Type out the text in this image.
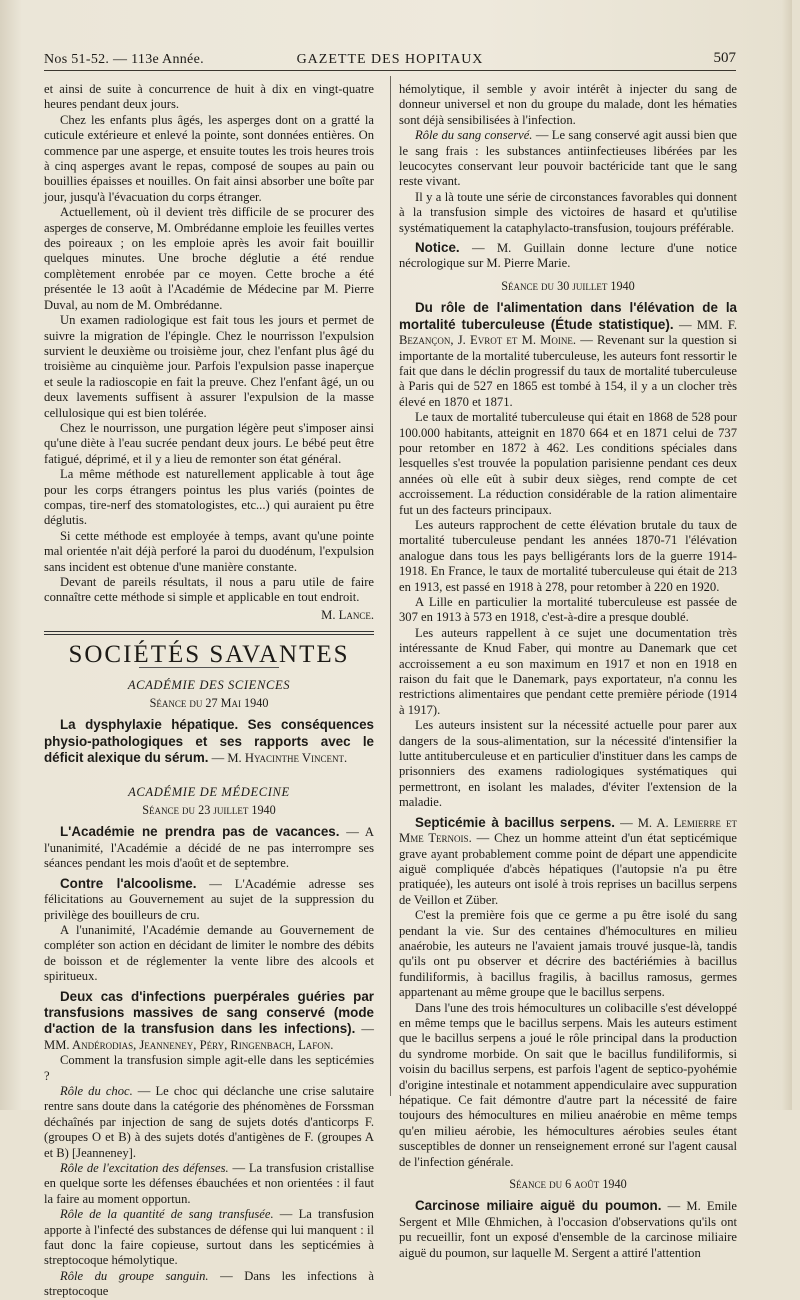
Nos 51-52. — 113e Année.	GAZETTE DES HOPITAUX	507

et ainsi de suite à concurrence de huit à dix en vingt-quatre heures pendant deux jours.

Chez les enfants plus âgés, les asperges dont on a gratté la cuticule extérieure et enlevé la pointe, sont données entières. On commence par une asperge, et ensuite toutes les trois heures trois à cinq asperges avant le repas, composé de soupes au pain ou bouillies épaisses et nouilles. On fait ainsi absorber une boîte par jour, jusqu'à l'évacuation du corps étranger.

Actuellement, où il devient très difficile de se procurer des asperges de conserve, M. Ombrédanne emploie les feuilles vertes des poireaux ; on les emploie après les avoir fait bouillir quelques minutes. Une broche déglutie a été rendue complètement enrobée par ce moyen. Cette broche a été présentée le 13 août à l'Académie de Médecine par M. Pierre Duval, au nom de M. Ombrédanne.

Un examen radiologique est fait tous les jours et permet de suivre la migration de l'épingle. Chez le nourrisson l'expulsion survient le deuxième ou troisième jour, chez l'enfant plus âgé du troisième au cinquième jour. Parfois l'expulsion passe inaperçue et seule la radioscopie en fait la preuve. Chez l'enfant âgé, un ou deux lavements suffisent à assurer l'expulsion de la masse cellulosique qui est bien tolérée.

Chez le nourrisson, une purgation légère peut s'imposer ainsi qu'une diète à l'eau sucrée pendant deux jours. Le bébé peut être fatigué, déprimé, et il y a lieu de remonter son état général.

La même méthode est naturellement applicable à tout âge pour les corps étrangers pointus les plus variés (pointes de compas, tire-nerf des stomatologistes, etc...) qui auraient pu être déglutis.

Si cette méthode est employée à temps, avant qu'une pointe mal orientée n'ait déjà perforé la paroi du duodénum, l'expulsion sans incident est obtenue d'une manière constante.

Devant de pareils résultats, il nous a paru utile de faire connaître cette méthode si simple et applicable en tout endroit.

M. Lance.

SOCIÉTÉS SAVANTES
ACADÉMIE DES SCIENCES
Séance du 27 Mai 1940

La dysphylaxie hépatique. Ses conséquences physio-pathologiques et ses rapports avec le déficit alexique du sérum. — M. Hyacinthe Vincent.

ACADÉMIE DE MÉDECINE
Séance du 23 juillet 1940

L'Académie ne prendra pas de vacances. — A l'unanimité, l'Académie a décidé de ne pas interrompre ses séances pendant les mois d'août et de septembre.

Contre l'alcoolisme. — L'Académie adresse ses félicitations au Gouvernement au sujet de la suppression du privilège des bouilleurs de cru.

A l'unanimité, l'Académie demande au Gouvernement de compléter son action en décidant de limiter le nombre des débits de boisson et de réglementer la vente libre des alcools et spiritueux.

Deux cas d'infections puerpérales guéries par transfusions massives de sang conservé (mode d'action de la transfusion dans les infections). — MM. Andérodias, Jeanneney, Péry, Ringenbach, Lafon.

Comment la transfusion simple agit-elle dans les septicémies ?

Rôle du choc. — Le choc qui déclanche une crise salutaire rentre sans doute dans la catégorie des phénomènes de Forssman déchaînés par injection de sang de sujets dotés d'anticorps F. (groupes O et B) à des sujets dotés d'antigènes de F. (groupes A et B) [Jeanneney].

Rôle de l'excitation des défenses. — La transfusion cristallise en quelque sorte les défenses ébauchées et non orientées : il faut la faire au moment opportun.

Rôle de la quantité de sang transfusée. — La transfusion apporte à l'infecté des substances de défense qui lui manquent : il faut donc la faire copieuse, surtout dans les septicémies à streptocoque hémolytique.

Rôle du groupe sanguin. — Dans les infections à streptocoque

hémolytique, il semble y avoir intérêt à injecter du sang de donneur universel et non du groupe du malade, dont les hématies sont déjà sensibilisées à l'infection.

Rôle du sang conservé. — Le sang conservé agit aussi bien que le sang frais : les substances antiinfectieuses libérées par les leucocytes conservant leur pouvoir bactéricide tant que le sang reste vivant.

Il y a là toute une série de circonstances favorables qui donnent à la transfusion simple des victoires de hasard et qu'utilise systématiquement la cataphylacto-transfusion, toujours préférable.

Notice. — M. Guillain donne lecture d'une notice nécrologique sur M. Pierre Marie.

Séance du 30 juillet 1940

Du rôle de l'alimentation dans l'élévation de la mortalité tuberculeuse (Étude statistique). — MM. F. Bezançon, J. Evrot et M. Moine. — Revenant sur la question si importante de la mortalité tuberculeuse, les auteurs font ressortir le fait que dans le déclin progressif du taux de mortalité tuberculeuse à Paris qui de 527 en 1865 est tombé à 154, il y a un clocher très élevé en 1870 et 1871.

Le taux de mortalité tuberculeuse qui était en 1868 de 528 pour 100.000 habitants, atteignit en 1870 664 et en 1871 celui de 737 pour retomber en 1872 à 462. Les conditions spéciales dans lesquelles s'est trouvée la population parisienne pendant ces deux années où elle eût à subir deux sièges, rend compte de cet accroissement. La réduction considérable de la ration alimentaire fut un des facteurs principaux.

Les auteurs rapprochent de cette élévation brutale du taux de mortalité tuberculeuse pendant les années 1870-71 l'élévation analogue dans tous les pays belligérants lors de la guerre 1914-1918. En France, le taux de mortalité tuberculeuse qui était de 213 en 1913, est passé en 1918 à 278, pour retomber à 220 en 1920.

A Lille en particulier la mortalité tuberculeuse est passée de 307 en 1913 à 573 en 1918, c'est-à-dire a presque doublé.

Les auteurs rappellent à ce sujet une documentation très intéressante de Knud Faber, qui montre au Danemark que cet accroissement a eu son maximum en 1917 et non en 1918 en raison du fait que le Danemark, pays exportateur, n'a connu les restrictions alimentaires que pendant cette première période (1914 à 1917).

Les auteurs insistent sur la nécessité actuelle pour parer aux dangers de la sous-alimentation, sur la nécessité d'intensifier la lutte antituberculeuse et en particulier d'instituer dans les camps de prisonniers des examens radiologiques systématiques qui permettront, en isolant les malades, d'éviter l'extension de la maladie.

Septicémie à bacillus serpens. — M. A. Lemierre et Mme Ternois. — Chez un homme atteint d'un état septicémique grave ayant probablement comme point de départ une appendicite aiguë compliquée d'abcès hépatiques (l'autopsie n'a pu être pratiquée), les auteurs ont isolé à trois reprises un bacillus serpens de Veillon et Züber.

C'est la première fois que ce germe a pu être isolé du sang pendant la vie. Sur des centaines d'hémocultures en milieu anaérobie, les auteurs ne l'avaient jamais trouvé jusque-là, tandis qu'ils ont pu observer et décrire des bactériémies à bacillus fundiliformis, à bacillus fragilis, à bacillus ramosus, germes appartenant au même groupe que le bacillus serpens.

Dans l'une des trois hémocultures un colibacille s'est développé en même temps que le bacillus serpens. Mais les auteurs estiment que le bacillus serpens a joué le rôle principal dans la production du syndrome morbide. On sait que le bacillus fundiliformis, si voisin du bacillus serpens, est parfois l'agent de septico-pyohémie d'origine intestinale et notamment appendiculaire avec suppuration hépatique. Ce fait démontre d'autre part la nécessité de faire toujours des hémocultures en milieu anaérobie en même temps qu'en milieu aérobie, les hémocultures aérobies seules étant susceptibles de donner un renseignement erroné sur l'agent causal de l'infection générale.

Séance du 6 août 1940

Carcinose miliaire aiguë du poumon. — M. Emile Sergent et Mlle Œhmichen, à l'occasion d'observations qu'ils ont pu recueillir, font un exposé d'ensemble de la carcinose miliaire aiguë du poumon, sur laquelle M. Sergent a attiré l'attention
